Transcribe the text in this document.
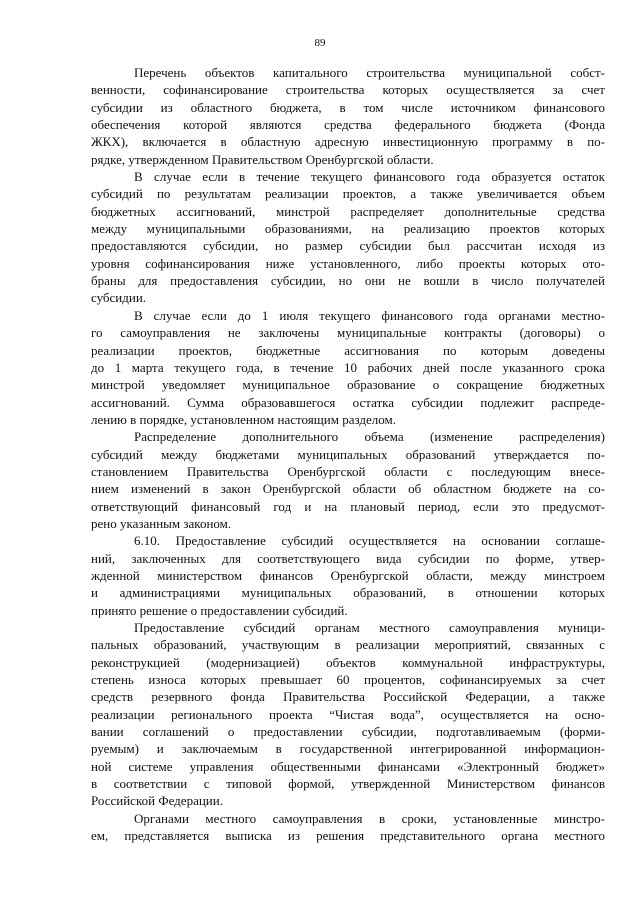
89

Перечень объектов капитального строительства муниципальной собст-
венности, софинансирование строительства которых осуществляется за счет
субсидии из областного бюджета, в том числе источником финансового
обеспечения которой являются средства федерального бюджета (Фонда
ЖКХ), включается в областную адресную инвестиционную программу в по-
рядке, утвержденном Правительством Оренбургской области.

В случае если в течение текущего финансового года образуется остаток
субсидий по результатам реализации проектов, а также увеличивается объем
бюджетных ассигнований, минстрой распределяет дополнительные средства
между муниципальными образованиями, на реализацию проектов которых
предоставляются субсидии, но размер субсидии был рассчитан исходя из
уровня софинансирования ниже установленного, либо проекты которых ото-
браны для предоставления субсидии, но они не вошли в число получателей
субсидии.

В случае если до 1 июля текущего финансового года органами местно-
го самоуправления не заключены муниципальные контракты (договоры) о
реализации проектов, бюджетные ассигнования по которым доведены
до 1 марта текущего года, в течение 10 рабочих дней после указанного срока
минстрой уведомляет муниципальное образование о сокращение бюджетных
ассигнований. Сумма образовавшегося остатка субсидии подлежит распреде-
лению в порядке, установленном настоящим разделом.

Распределение дополнительного объема (изменение распределения)
субсидий между бюджетами муниципальных образований утверждается по-
становлением Правительства Оренбургской области с последующим внесе-
нием изменений в закон Оренбургской области об областном бюджете на со-
ответствующий финансовый год и на плановый период, если это предусмот-
рено указанным законом.

6.10. Предоставление субсидий осуществляется на основании соглаше-
ний, заключенных для соответствующего вида субсидии по форме, утвер-
жденной министерством финансов Оренбургской области, между минстроем
и администрациями муниципальных образований, в отношении которых
принято решение о предоставлении субсидий.

Предоставление субсидий органам местного самоуправления муници-
пальных образований, участвующим в реализации мероприятий, связанных с
реконструкцией (модернизацией) объектов коммунальной инфраструктуры,
степень износа которых превышает 60 процентов, софинансируемых за счет
средств резервного фонда Правительства Российской Федерации, а также
реализации регионального проекта “Чистая вода”, осуществляется на осно-
вании соглашений о предоставлении субсидии, подготавливаемым (форми-
руемым) и заключаемым в государственной интегрированной информацион-
ной системе управления общественными финансами «Электронный бюджет»
в соответствии с типовой формой, утвержденной Министерством финансов
Российской Федерации.

Органами местного самоуправления в сроки, установленные минстро-
ем, представляется выписка из решения представительного органа местного
